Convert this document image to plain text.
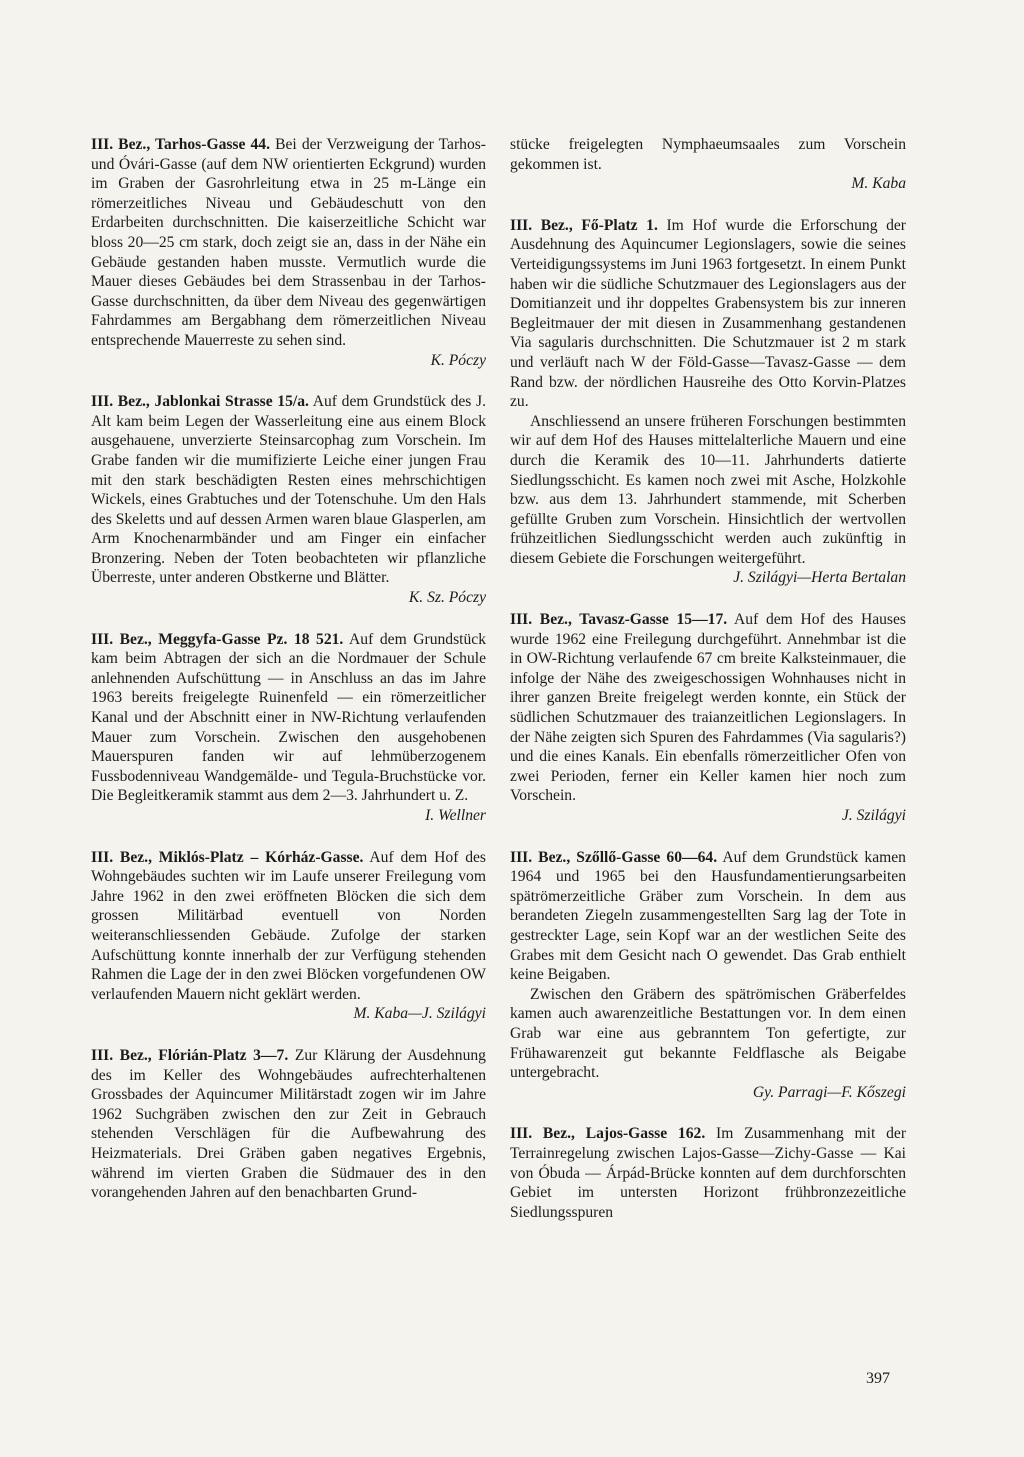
III. Bez., Tarhos-Gasse 44. Bei der Verzweigung der Tarhos- und Óvári-Gasse (auf dem NW orientierten Eckgrund) wurden im Graben der Gasrohrleitung etwa in 25 m-Länge ein römerzeitliches Niveau und Gebäudeschutt von den Erdarbeiten durchschnitten. Die kaiserzeitliche Schicht war bloss 20—25 cm stark, doch zeigt sie an, dass in der Nähe ein Gebäude gestanden haben musste. Vermutlich wurde die Mauer dieses Gebäudes bei dem Strassenbau in der Tarhos-Gasse durchschnitten, da über dem Niveau des gegenwärtigen Fahrdammes am Bergabhang dem römerzeitlichen Niveau entsprechende Mauerreste zu sehen sind.

K. Póczy

III. Bez., Jablonkai Strasse 15/a. Auf dem Grundstück des J. Alt kam beim Legen der Wasserleitung eine aus einem Block ausgehauene, unverzierte Steinsarcophag zum Vorschein. Im Grabe fanden wir die mumifizierte Leiche einer jungen Frau mit den stark beschädigten Resten eines mehrschichtigen Wickels, eines Grabtuches und der Totenschuhe. Um den Hals des Skeletts und auf dessen Armen waren blaue Glasperlen, am Arm Knochenarmbänder und am Finger ein einfacher Bronzering. Neben der Toten beobachteten wir pflanzliche Überreste, unter anderen Obstkerne und Blätter.

K. Sz. Póczy

III. Bez., Meggyfa-Gasse Pz. 18 521. Auf dem Grundstück kam beim Abtragen der sich an die Nordmauer der Schule anlehnenden Aufschüttung — in Anschluss an das im Jahre 1963 bereits freigelegte Ruinenfeld — ein römerzeitlicher Kanal und der Abschnitt einer in NW-Richtung verlaufenden Mauer zum Vorschein. Zwischen den ausgehobenen Mauerspuren fanden wir auf lehmüberzogenem Fussbodenniveau Wandgemälde- und Tegula-Bruchstücke vor. Die Begleitkeramik stammt aus dem 2—3. Jahrhundert u. Z.

I. Wellner

III. Bez., Miklós-Platz – Kórház-Gasse. Auf dem Hof des Wohngebäudes suchten wir im Laufe unserer Freilegung vom Jahre 1962 in den zwei eröffneten Blöcken die sich dem grossen Militärbad eventuell von Norden weiteranschliessenden Gebäude. Zufolge der starken Aufschüttung konnte innerhalb der zur Verfügung stehenden Rahmen die Lage der in den zwei Blöcken vorgefundenen OW verlaufenden Mauern nicht geklärt werden.

M. Kaba—J. Szilágyi

III. Bez., Flórián-Platz 3—7. Zur Klärung der Ausdehnung des im Keller des Wohngebäudes aufrechterhaltenen Grossbades der Aquincumer Militärstadt zogen wir im Jahre 1962 Suchgräben zwischen den zur Zeit in Gebrauch stehenden Verschlägen für die Aufbewahrung des Heizmaterials. Drei Gräben gaben negatives Ergebnis, während im vierten Graben die Südmauer des in den vorangehenden Jahren auf den benachbarten Grund-

stücke freigelegten Nymphaeumsaales zum Vorschein gekommen ist.

M. Kaba

III. Bez., Fő-Platz 1. Im Hof wurde die Erforschung der Ausdehnung des Aquincumer Legionslagers, sowie die seines Verteidigungssystems im Juni 1963 fortgesetzt. In einem Punkt haben wir die südliche Schutzmauer des Legionslagers aus der Domitianzeit und ihr doppeltes Grabensystem bis zur inneren Begleitmauer der mit diesen in Zusammenhang gestandenen Via sagularis durchschnitten. Die Schutzmauer ist 2 m stark und verläuft nach W der Föld-Gasse—Tavasz-Gasse — dem Rand bzw. der nördlichen Hausreihe des Otto Korvin-Platzes zu.

Anschliessend an unsere früheren Forschungen bestimmten wir auf dem Hof des Hauses mittelalterliche Mauern und eine durch die Keramik des 10—11. Jahrhunderts datierte Siedlungsschicht. Es kamen noch zwei mit Asche, Holzkohle bzw. aus dem 13. Jahrhundert stammende, mit Scherben gefüllte Gruben zum Vorschein. Hinsichtlich der wertvollen frühzeitlichen Siedlungsschicht werden auch zukünftig in diesem Gebiete die Forschungen weitergeführt.

J. Szilágyi—Herta Bertalan

III. Bez., Tavasz-Gasse 15—17. Auf dem Hof des Hauses wurde 1962 eine Freilegung durchgeführt. Annehmbar ist die in OW-Richtung verlaufende 67 cm breite Kalksteinmauer, die infolge der Nähe des zweigeschossigen Wohnhauses nicht in ihrer ganzen Breite freigelegt werden konnte, ein Stück der südlichen Schutzmauer des traianzeitlichen Legionslagers. In der Nähe zeigten sich Spuren des Fahrdammes (Via sagularis?) und die eines Kanals. Ein ebenfalls römerzeitlicher Ofen von zwei Perioden, ferner ein Keller kamen hier noch zum Vorschein.

J. Szilágyi

III. Bez., Szőllő-Gasse 60—64. Auf dem Grundstück kamen 1964 und 1965 bei den Hausfundamentierungsarbeiten spätrömerzeitliche Gräber zum Vorschein. In dem aus berandeten Ziegeln zusammengestellten Sarg lag der Tote in gestreckter Lage, sein Kopf war an der westlichen Seite des Grabes mit dem Gesicht nach O gewendet. Das Grab enthielt keine Beigaben.

Zwischen den Gräbern des spätrömischen Gräberfeldes kamen auch awarenzeitliche Bestattungen vor. In dem einen Grab war eine aus gebranntem Ton gefertigte, zur Frühawarenzeit gut bekannte Feldflasche als Beigabe untergebracht.

Gy. Parragi—F. Kőszegi

III. Bez., Lajos-Gasse 162. Im Zusammenhang mit der Terrainregelung zwischen Lajos-Gasse—Zichy-Gasse — Kai von Óbuda — Árpád-Brücke konnten auf dem durchforschten Gebiet im untersten Horizont frühbronzezeitliche Siedlungsspuren

397
